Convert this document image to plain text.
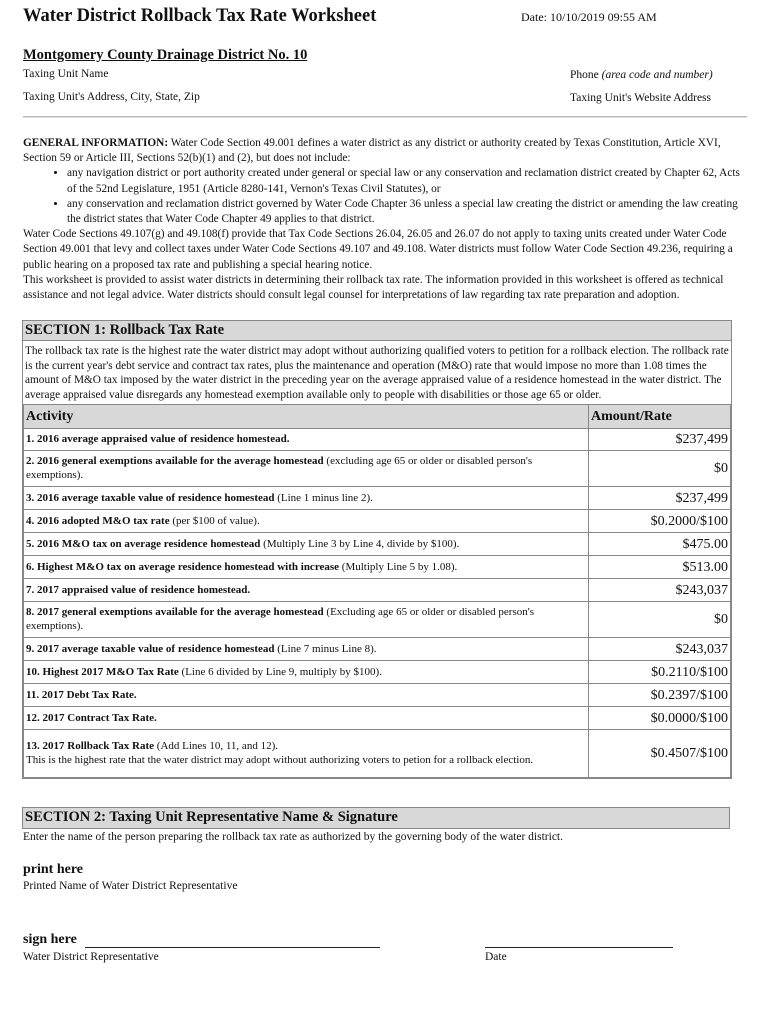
Water District Rollback Tax Rate Worksheet	Date: 10/10/2019 09:55 AM
Montgomery County Drainage District No. 10
Taxing Unit Name	Phone (area code and number)
Taxing Unit's Address, City, State, Zip	Taxing Unit's Website Address

GENERAL INFORMATION: Water Code Section 49.001 defines a water district as any district or authority created by Texas Constitution, Article XVI, Section 59 or Article III, Sections 52(b)(1) and (2), but does not include:

• any navigation district or port authority created under general or special law or any conservation and reclamation district created by Chapter 62, Acts of the 52nd Legislature, 1951 (Article 8280-141, Vernon's Texas Civil Statutes), or
• any conservation and reclamation district governed by Water Code Chapter 36 unless a special law creating the district or amending the law creating the district states that Water Code Chapter 49 applies to that district.

Water Code Sections 49.107(g) and 49.108(f) provide that Tax Code Sections 26.04, 26.05 and 26.07 do not apply to taxing units created under Water Code Section 49.001 that levy and collect taxes under Water Code Sections 49.107 and 49.108. Water districts must follow Water Code Section 49.236, requiring a public hearing on a proposed tax rate and publishing a special hearing notice.

This worksheet is provided to assist water districts in determining their rollback tax rate. The information provided in this worksheet is offered as technical assistance and not legal advice. Water districts should consult legal counsel for interpretations of law regarding tax rate preparation and adoption.

SECTION 1: Rollback Tax Rate
The rollback tax rate is the highest rate the water district may adopt without authorizing qualified voters to petition for a rollback election. The rollback rate is the current year's debt service and contract tax rates, plus the maintenance and operation (M&O) rate that would impose no more than 1.08 times the amount of M&O tax imposed by the water district in the preceding year on the average appraised value of a residence homestead in the water district. The average appraised value disregards any homestead exemption available only to people with disabilities or those age 65 or older.
Activity	Amount/Rate
1. 2016 average appraised value of residence homestead.	$237,499
2. 2016 general exemptions available for the average homestead (excluding age 65 or older or disabled person's exemptions).	$0
3. 2016 average taxable value of residence homestead (Line 1 minus line 2).	$237,499
4. 2016 adopted M&O tax rate (per $100 of value).	$0.2000/$100
5. 2016 M&O tax on average residence homestead (Multiply Line 3 by Line 4, divide by $100).	$475.00
6. Highest M&O tax on average residence homestead with increase (Multiply Line 5 by 1.08).	$513.00
7. 2017 appraised value of residence homestead.	$243,037
8. 2017 general exemptions available for the average homestead (Excluding age 65 or older or disabled person's exemptions).	$0
9. 2017 average taxable value of residence homestead (Line 7 minus Line 8).	$243,037
10. Highest 2017 M&O Tax Rate (Line 6 divided by Line 9, multiply by $100).	$0.2110/$100
11. 2017 Debt Tax Rate.	$0.2397/$100
12. 2017 Contract Tax Rate.	$0.0000/$100
13. 2017 Rollback Tax Rate (Add Lines 10, 11, and 12).
This is the highest rate that the water district may adopt without authorizing voters to petion for a rollback election.	$0.4507/$100
SECTION 2: Taxing Unit Representative Name & Signature
Enter the name of the person preparing the rollback tax rate as authorized by the governing body of the water district.
print here
Printed Name of Water District Representative
sign here
Water District Representative	Date
